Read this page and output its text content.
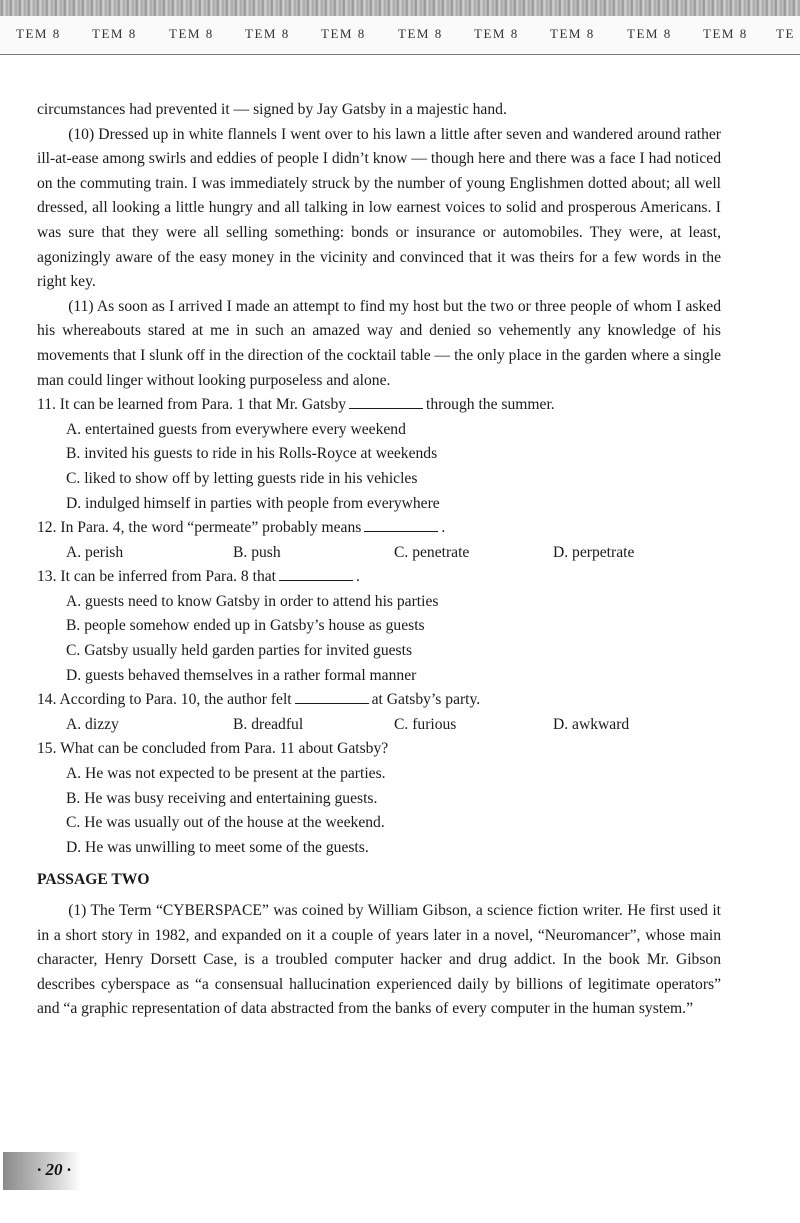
TEM 8 TEM 8 TEM 8 TEM 8 TEM 8 TEM 8 TEM 8 TEM 8 TEM 8 TEM 8 TE

circumstances had prevented it — signed by Jay Gatsby in a majestic hand.

(10) Dressed up in white flannels I went over to his lawn a little after seven and wandered around rather ill-at-ease among swirls and eddies of people I didn’t know — though here and there was a face I had noticed on the commuting train. I was immediately struck by the number of young Englishmen dotted about; all well dressed, all looking a little hungry and all talking in low earnest voices to solid and prosperous Americans. I was sure that they were all selling something: bonds or insurance or automobiles. They were, at least, agonizingly aware of the easy money in the vicinity and convinced that it was theirs for a few words in the right key.

(11) As soon as I arrived I made an attempt to find my host but the two or three people of whom I asked his whereabouts stared at me in such an amazed way and denied so vehemently any knowledge of his movements that I slunk off in the direction of the cocktail table — the only place in the garden where a single man could linger without looking purposeless and alone.

11. It can be learned from Para. 1 that Mr. Gatsby	through the summer.

A. entertained guests from everywhere every weekend

B. invited his guests to ride in his Rolls-Royce at weekends

C. liked to show off by letting guests ride in his vehicles

D. indulged himself in parties with people from everywhere

12. In Para. 4, the word “permeate” probably means	.

A. perish	B. push	C. penetrate	D. perpetrate

13. It can be inferred from Para. 8 that	.

A. guests need to know Gatsby in order to attend his parties

B. people somehow ended up in Gatsby’s house as guests

C. Gatsby usually held garden parties for invited guests

D. guests behaved themselves in a rather formal manner

14. According to Para. 10, the author felt	at Gatsby’s party.

A. dizzy	B. dreadful	C. furious	D. awkward

15. What can be concluded from Para. 11 about Gatsby?

A. He was not expected to be present at the parties.

B. He was busy receiving and entertaining guests.

C. He was usually out of the house at the weekend.

D. He was unwilling to meet some of the guests.

PASSAGE TWO

(1) The Term “CYBERSPACE” was coined by William Gibson, a science fiction writer. He first used it in a short story in 1982, and expanded on it a couple of years later in a novel, “Neuromancer”, whose main character, Henry Dorsett Case, is a troubled computer hacker and drug addict. In the book Mr. Gibson describes cyberspace as “a consensual hallucination experienced daily by billions of legitimate operators” and “a graphic representation of data abstracted from the banks of every computer in the human system.”

· 20 ·
